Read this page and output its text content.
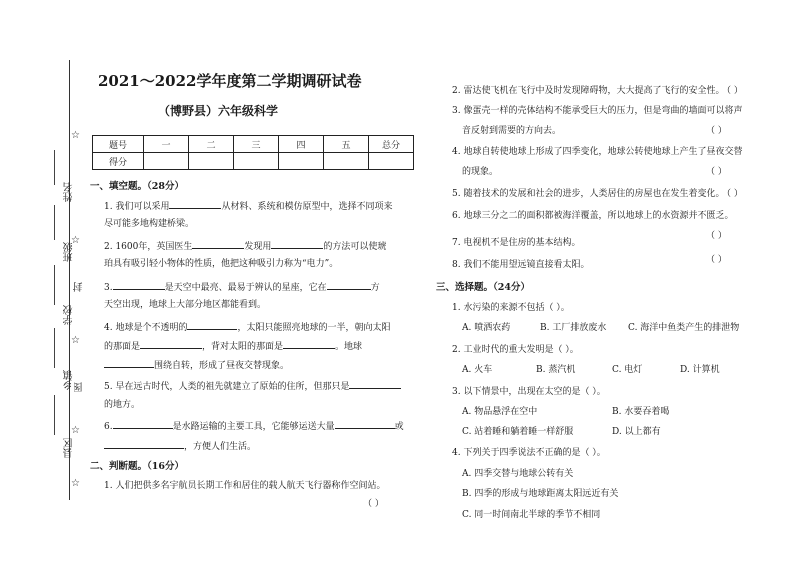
☆
☆
☆
☆
☆
姓名
班级
封
学校
乡镇 图
县区
2021～2022学年度第二学期调研试卷
（博野县）六年级科学
题号	一	二	三	四	五	总分
得分						
一、填空题。（28分）
1. 我们可以采用	从材料、系统和模仿原型中，选择不同项来
尽可能多地构建桥梁。
2. 1600年，英国医生	发现用	的方法可以使琥
珀具有吸引轻小物体的性质，他把这种吸引力称为“电力”。
3.	是天空中最亮、最易于辨认的星座，它在	方
天空出现，地球上大部分地区都能看到。
4. 地球是个不透明的	，太阳只能照亮地球的一半，朝向太阳
的那面是	，背对太阳的那面是	。地球
围绕自转，形成了昼夜交替现象。
5. 早在远古时代，人类的祖先就建立了原始的住所，但那只是
的地方。
6.	是水路运输的主要工具，它能够运送大量	或
，方便人们生活。
二、判断题。（16分）
1. 人们把供多名宇航员长期工作和居住的载人航天飞行器称作空间站。
（ ）
2. 雷达使飞机在飞行中及时发现障碍物，大大提高了飞行的安全性。
（ ）
3. 像蛋壳一样的壳体结构不能承受巨大的压力，但是弯曲的墙面可以将声
音反射到需要的方向去。	（ ）
4. 地球自转使地球上形成了四季变化，地球公转使地球上产生了昼夜交替
的现象。	（ ）
5. 随着技术的发展和社会的进步，人类居住的房屋也在发生着变化。
（ ）
6. 地球三分之二的面积都被海洋覆盖，所以地球上的水资源并不匮乏。
7. 电视机不是住房的基本结构。
（ ）
8. 我们不能用望远镜直接看太阳。	（ ）
三、选择题。（24分）
1. 水污染的来源不包括（ ）。
A. 喷洒农药	B. 工厂排放废水 C. 海洋中鱼类产生的排泄物
2. 工业时代的重大发明是（ ）。
A. 火车	B. 蒸汽机	C. 电灯	D. 计算机
3. 以下情景中，出现在太空的是（ ）。
A. 物品悬浮在空中	B. 水要吞着喝
C. 站着睡和躺着睡一样舒服	D. 以上都有
4. 下列关于四季说法不正确的是（ ）。
A. 四季交替与地球公转有关
B. 四季的形成与地球距离太阳远近有关
C. 同一时间南北半球的季节不相同
